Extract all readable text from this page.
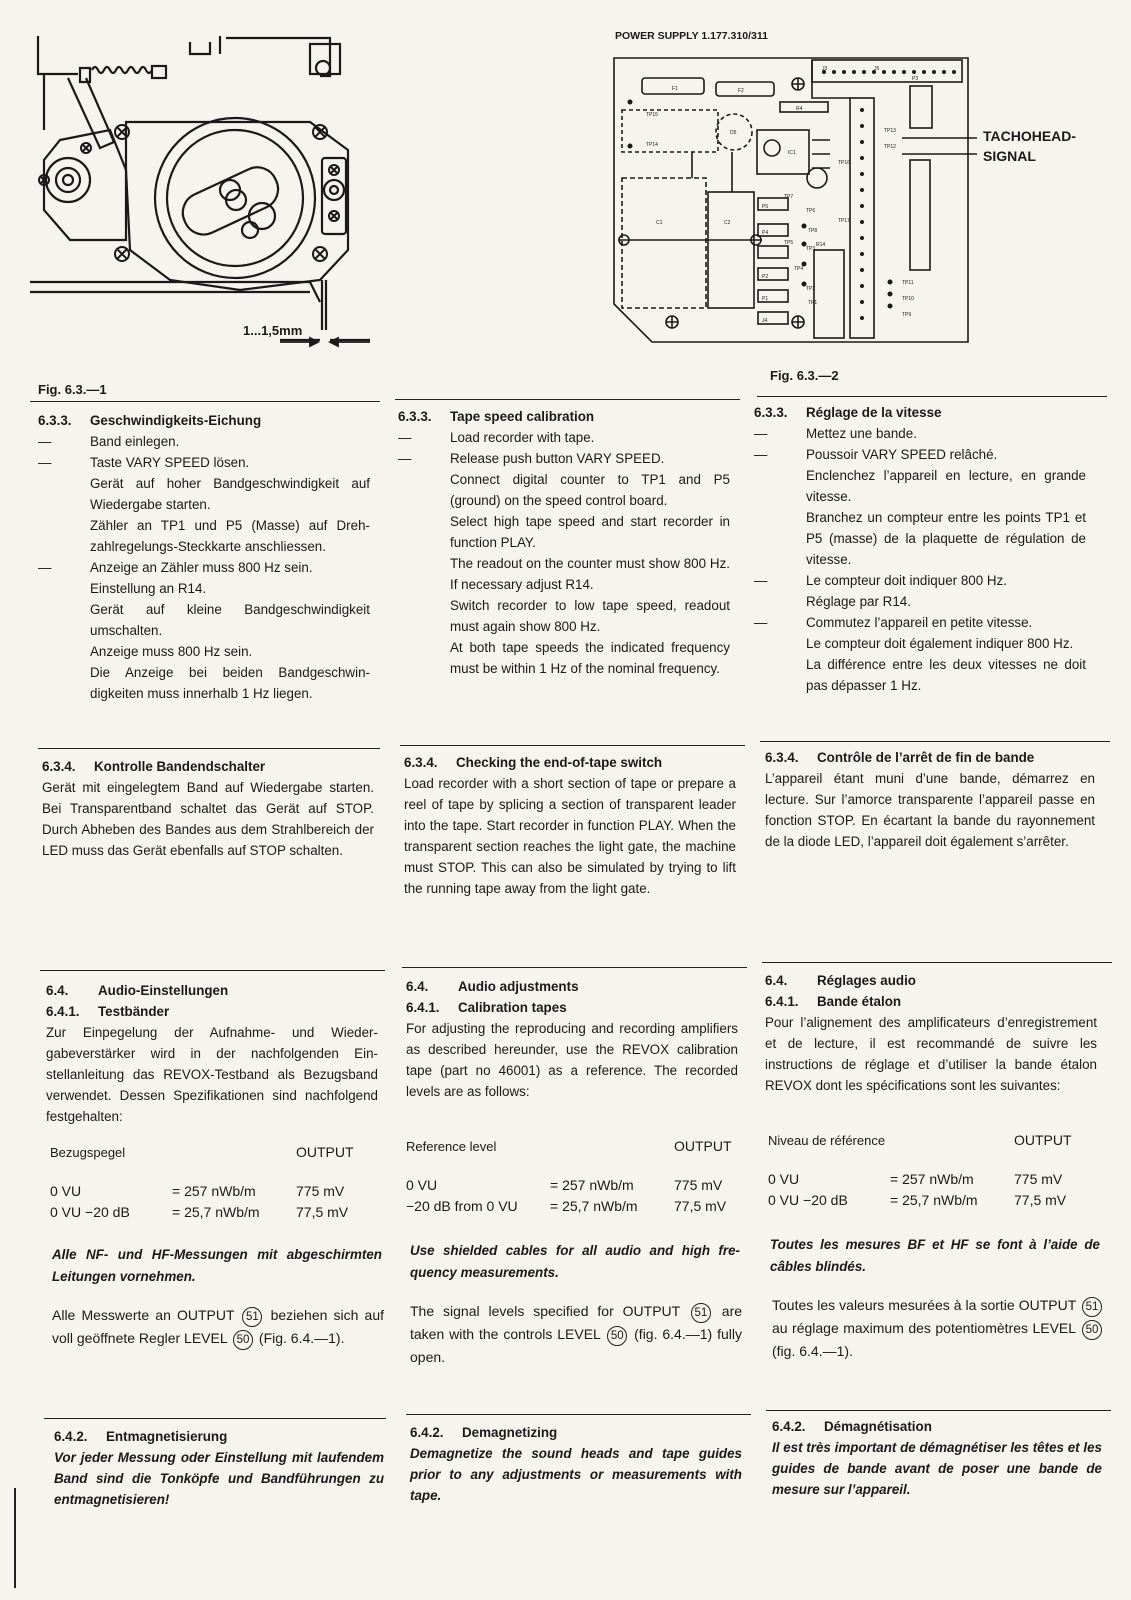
1...1,5mm
Fig. 6.3.—1
POWER SUPPLY 1.177.310/311
F1	F2
R4
J5
J3
D5
IC1
C1	C2
P5
P4
P2
P1
J4
TP13
TP12
TP11
TP10
TP9
TP7
TP5
TP4
TP3
TP6
TP2
TP1
TP8
TP17
TP16
TP15
TP14
P3
R14
TACHOHEAD-
SIGNAL
Fig. 6.3.—2
6.3.3. Geschwindigkeits-Eichung
—	Band einlegen.
—	Taste VARY SPEED lösen.

Gerät auf hoher Bandgeschwindigkeit auf Wiedergabe starten.

Zähler an TP1 und P5 (Masse) auf Drehzahlregelungs-Steckkarte anschliessen.

—	Anzeige an Zähler muss 800 Hz sein.

Einstellung an R14.

Gerät auf kleine Bandgeschwindigkeit umschalten.

Anzeige muss 800 Hz sein.

Die Anzeige bei beiden Bandgeschwindigkeiten muss innerhalb 1 Hz liegen.

6.3.3. Tape speed calibration
—	Load recorder with tape.
—	Release push button VARY SPEED.

Connect digital counter to TP1 and P5 (ground) on the speed control board.

Select high tape speed and start recorder in function PLAY.

The readout on the counter must show 800 Hz. If necessary adjust R14.

Switch recorder to low tape speed, readout must again show 800 Hz.

At both tape speeds the indicated frequency must be within 1 Hz of the nominal frequency.

6.3.3. Réglage de la vitesse
—	Mettez une bande.
—	Poussoir VARY SPEED relâché.

Enclenchez l’appareil en lecture, en grande vitesse.

Branchez un compteur entre les points TP1 et P5 (masse) de la plaquette de régulation de vitesse.

—	Le compteur doit indiquer 800 Hz.

Réglage par R14.

—	Commutez l’appareil en petite vitesse.

Le compteur doit également indiquer 800 Hz.

La différence entre les deux vitesses ne doit pas dépasser 1 Hz.

6.3.4. Kontrolle Bandendschalter

Gerät mit eingelegtem Band auf Wiedergabe starten. Bei Transparentband schaltet das Gerät auf STOP. Durch Abheben des Bandes aus dem Strahlbereich der LED muss das Gerät ebenfalls auf STOP schalten.

6.3.4. Checking the end-of-tape switch

Load recorder with a short section of tape or prepare a reel of tape by splicing a section of transparent leader into the tape. Start recorder in function PLAY. When the transparent section reaches the light gate, the machine must STOP. This can also be simulated by trying to lift the running tape away from the light gate.

6.3.4. Contrôle de l’arrêt de fin de bande

L’appareil étant muni d’une bande, démarrez en lecture. Sur l’amorce transparente l’appareil passe en fonction STOP. En écartant la bande du rayonnement de la diode LED, l’appareil doit également s’arrêter.

6.4. Audio-Einstellungen
6.4.1. Testbänder

Zur Einpegelung der Aufnahme- und Wiedergabeverstärker wird in der nachfolgenden Einstellanleitung das REVOX-Testband als Bezugsband verwendet. Dessen Spezifikationen sind nachfolgend festgehalten:

Bezugspegel	OUTPUT
0 VU	= 257 nWb/m	775 mV
0 VU −20 dB	= 25,7 nWb/m	77,5 mV
Alle NF- und HF-Messungen mit abgeschirmten Leitungen vornehmen.
Alle Messwerte an OUTPUT 51 beziehen sich auf voll geöffnete Regler LEVEL 50 (Fig. 6.4.—1).
6.4. Audio adjustments
6.4.1. Calibration tapes

For adjusting the reproducing and recording amplifiers as described hereunder, use the REVOX calibration tape (part no 46001) as a reference. The recorded levels are as follows:

Reference level	OUTPUT
0 VU	= 257 nWb/m	775 mV
−20 dB from 0 VU	= 25,7 nWb/m	77,5 mV
Use shielded cables for all audio and high frequency measurements.
The signal levels specified for OUTPUT 51 are taken with the controls LEVEL 50 (fig. 6.4.—1) fully open.
6.4. Réglages audio
6.4.1. Bande étalon

Pour l’alignement des amplificateurs d’enregistrement et de lecture, il est recommandé de suivre les instructions de réglage et d’utiliser la bande étalon REVOX dont les spécifications sont les suivantes:

Niveau de référence	OUTPUT
0 VU	= 257 nWb/m	775 mV
0 VU −20 dB	= 25,7 nWb/m	77,5 mV
Toutes les mesures BF et HF se font à l’aide de câbles blindés.
Toutes les valeurs mesurées à la sortie OUTPUT 51 au réglage maximum des potentiomètres LEVEL 50 (fig. 6.4.—1).
6.4.2. Entmagnetisierung

Vor jeder Messung oder Einstellung mit laufendem Band sind die Tonköpfe und Bandführungen zu entmagnetisieren!

6.4.2. Demagnetizing

Demagnetize the sound heads and tape guides prior to any adjustments or measurements with tape.

6.4.2. Démagnétisation

Il est très important de démagnétiser les têtes et les guides de bande avant de poser une bande de mesure sur l’appareil.
